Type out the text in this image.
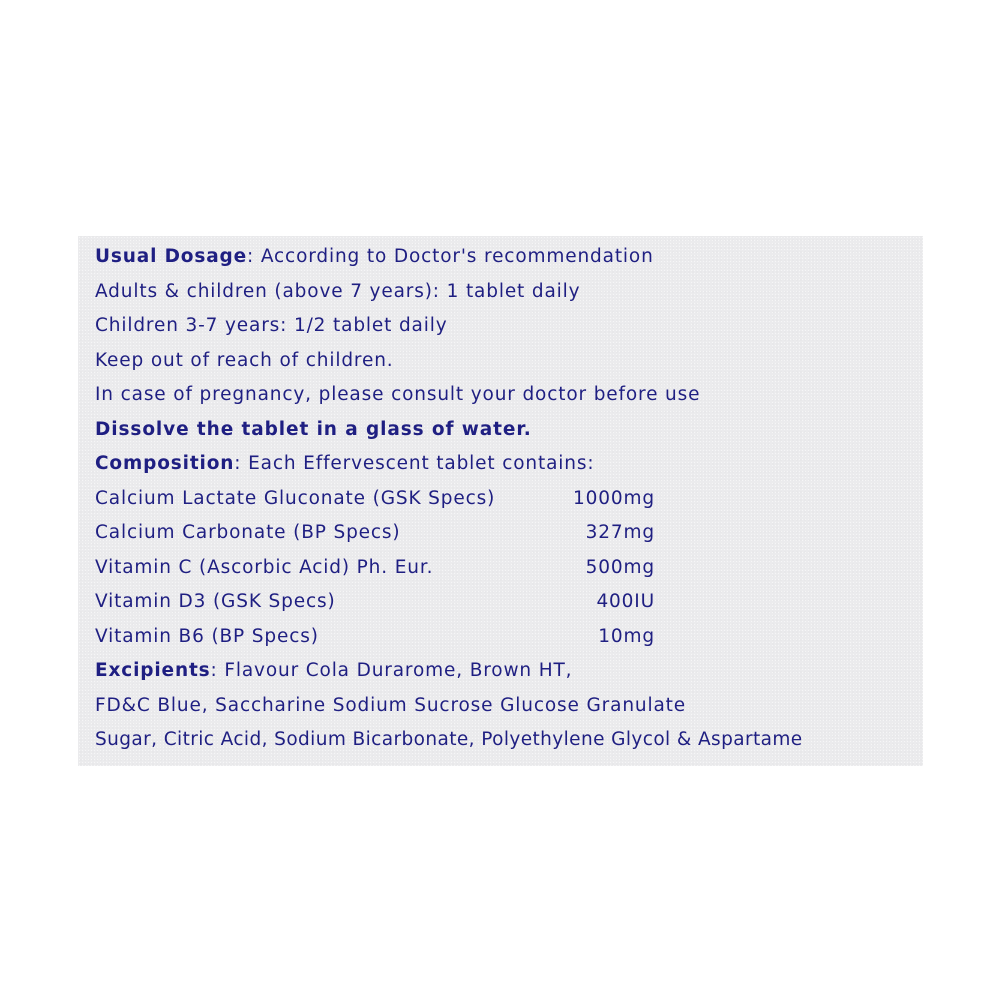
Usual Dosage: According to Doctor's recommendation
Adults & children (above 7 years): 1 tablet daily
Children 3-7 years: 1/2 tablet daily
Keep out of reach of children.
In case of pregnancy, please consult your doctor before use
Dissolve the tablet in a glass of water.
Composition: Each Effervescent tablet contains:
Calcium Lactate Gluconate (GSK Specs)	1000mg
Calcium Carbonate (BP Specs)	327mg
Vitamin C (Ascorbic Acid) Ph. Eur.	500mg
Vitamin D3 (GSK Specs)	400IU
Vitamin B6 (BP Specs)	10mg
Excipients: Flavour Cola Durarome, Brown HT,
FD&C Blue, Saccharine Sodium Sucrose Glucose Granulate
Sugar, Citric Acid, Sodium Bicarbonate, Polyethylene Glycol & Aspartame
